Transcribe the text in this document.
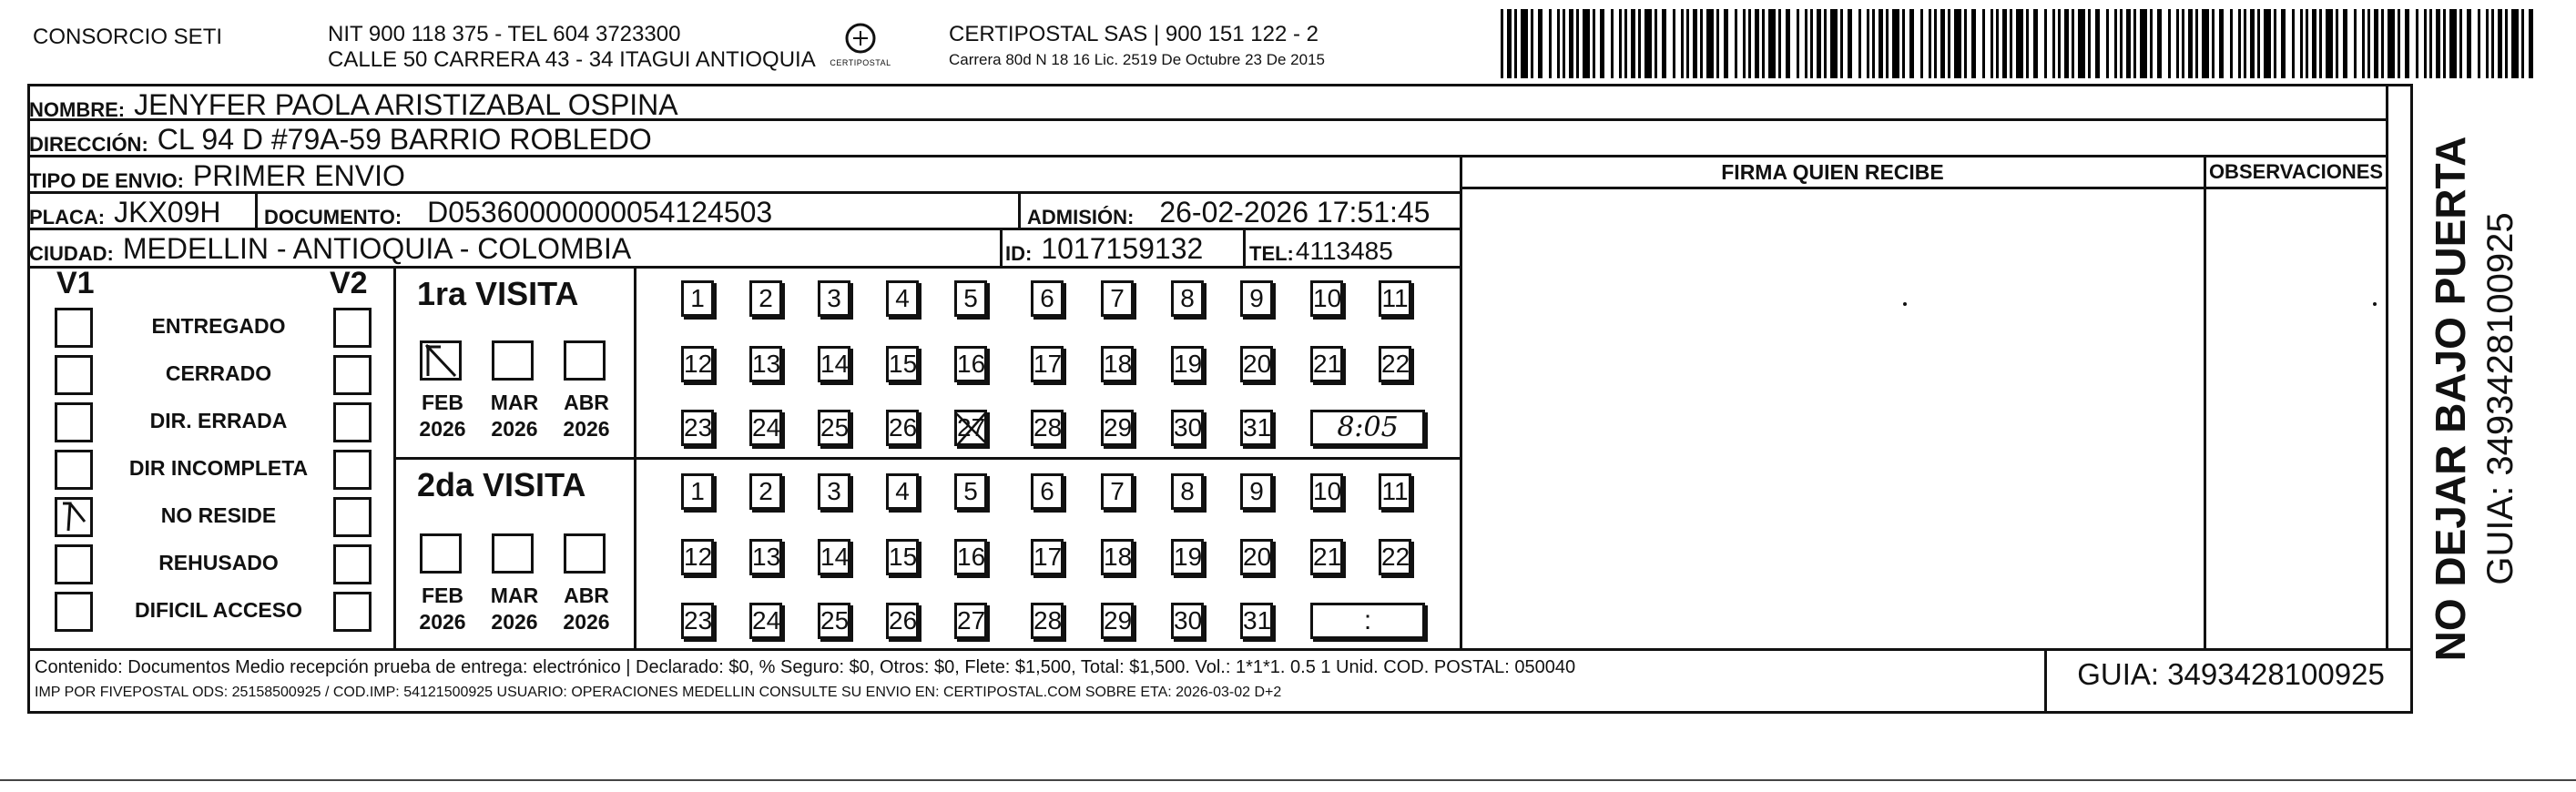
CONSORCIO SETI	NIT 900 118 375 - TEL 604 3723300
CALLE 50 CARRERA 43 - 34 ITAGUI ANTIOQUIA	CERTIPOSTAL
CERTIPOSTAL SAS | 900 151 122 - 2
Carrera 80d N 18 16 Lic. 2519 De Octubre 23 De 2015
NOMBRE: JENYFER PAOLA ARISTIZABAL OSPINA
DIRECCIÓN: CL 94 D #79A-59 BARRIO ROBLEDO
TIPO DE ENVIO: PRIMER ENVIO
PLACA: JKX09H DOCUMENTO: D05360000000054124503	ADMISIÓN: 26-02-2026 17:51:45
CIUDAD: MEDELLIN - ANTIOQUIA - COLOMBIA	ID: 1017159132 TEL: 4113485
FIRMA QUIEN RECIBE	OBSERVACIONES
V1	V2
ENTREGADO
CERRADO
DIR. ERRADA
DIR INCOMPLETA
NO RESIDE
REHUSADO
DIFICIL ACCESO
1ra VISITA
FEB
2026
MAR
2026
ABR
2026
1	2	3	4	5	6	7	8	9	10 11
12 13 14 15 16 17 18 19 20 21 22
23 24 25 26 27 28 29 30 31	8:05
2da VISITA
FEB
2026
MAR
2026
ABR
2026
1	2	3	4	5	6	7	8	9	10 11
12 13 14 15 16 17 18 19 20 21 22
23 24 25 26 27 28 29 30 31	:
Contenido: Documentos Medio recepción prueba de entrega: electrónico | Declarado: $0, % Seguro: $0, Otros: $0, Flete: $1,500, Total: $1,500. Vol.: 1*1*1. 0.5 1 Unid. COD. POSTAL: 050040
IMP POR FIVEPOSTAL ODS: 25158500925 / COD.IMP: 54121500925 USUARIO: OPERACIONES MEDELLIN CONSULTE SU ENVIO EN: CERTIPOSTAL.COM SOBRE ETA: 2026-03-02 D+2
GUIA: 3493428100925
NO DEJAR BAJO PUERTA GUIA: 3493428100925
